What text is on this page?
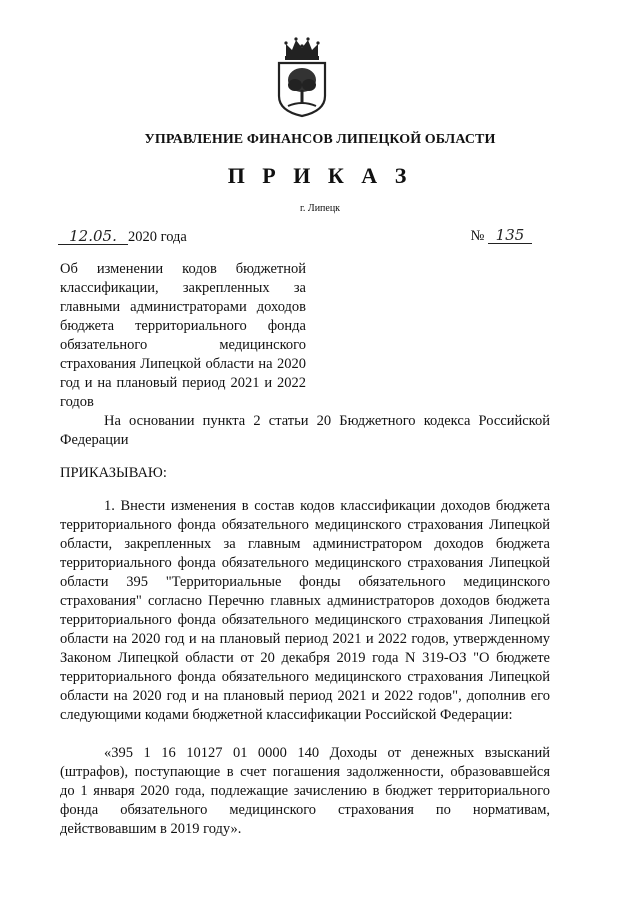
УПРАВЛЕНИЕ ФИНАНСОВ ЛИПЕЦКОЙ ОБЛАСТИ
П Р И К А З
г. Липецк
12.05. 2020 года	№ 135
Об изменении кодов бюджетной классификации, закрепленных за главными администраторами доходов бюджета территориального фонда обязательного медицинского страхования Липецкой области на 2020 год и на плановый период 2021 и 2022 годов

На основании пункта 2 статьи 20 Бюджетного кодекса Российской Федерации

ПРИКАЗЫВАЮ:

1. Внести изменения в состав кодов классификации доходов бюджета территориального фонда обязательного медицинского страхования Липецкой области, закрепленных за главным администратором доходов бюджета территориального фонда обязательного медицинского страхования Липецкой области 395 "Территориальные фонды обязательного медицинского страхования" согласно Перечню главных администраторов доходов бюджета территориального фонда обязательного медицинского страхования Липецкой области на 2020 год и на плановый период 2021 и 2022 годов, утвержденному Законом Липецкой области от 20 декабря 2019 года N 319-ОЗ "О бюджете территориального фонда обязательного медицинского страхования Липецкой области на 2020 год и на плановый период 2021 и 2022 годов", дополнив его следующими кодами бюджетной классификации Российской Федерации:

«395 1 16 10127 01 0000 140 Доходы от денежных взысканий (штрафов), поступающие в счет погашения задолженности, образовавшейся до 1 января 2020 года, подлежащие зачислению в бюджет территориального фонда обязательного медицинского страхования по нормативам, действовавшим в 2019 году».
